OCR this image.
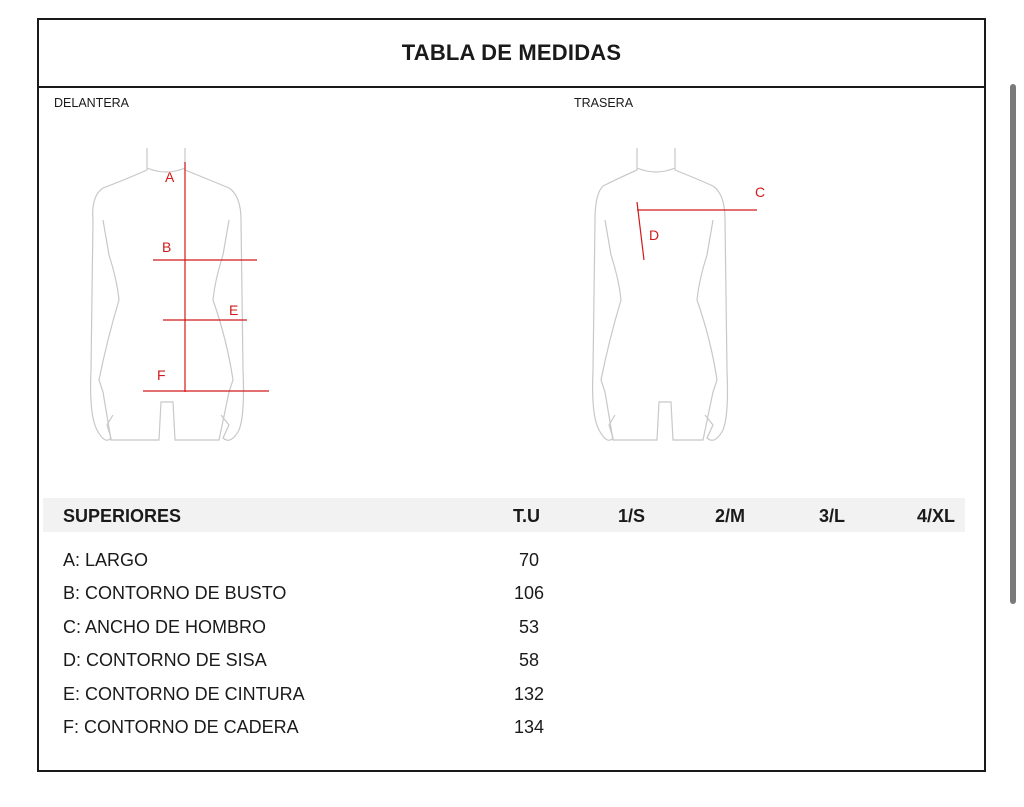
TABLA DE MEDIDAS
DELANTERA	TRASERA
A
B
E
F
C
D
SUPERIORES	T.U	1/S	2/M	3/L	4/XL
A: LARGO	70
B: CONTORNO DE BUSTO	106
C: ANCHO DE HOMBRO	53
D: CONTORNO DE SISA	58
E: CONTORNO DE CINTURA	132
F: CONTORNO DE CADERA	134
